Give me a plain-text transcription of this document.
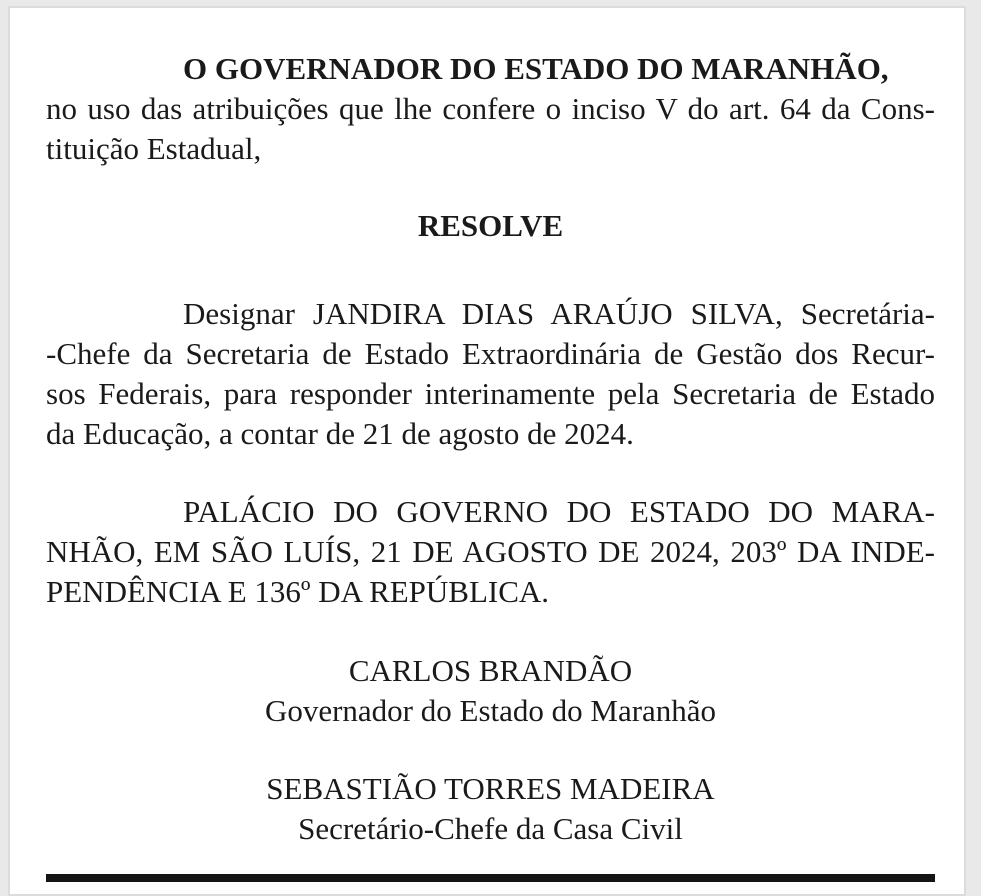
O GOVERNADOR DO ESTADO DO MARANHÃO,
no uso das atribuições que lhe confere o inciso V do art. 64 da Cons-
tituição Estadual,
RESOLVE
Designar JANDIRA DIAS ARAÚJO SILVA, Secretária-
-Chefe da Secretaria de Estado Extraordinária de Gestão dos Recur-
sos Federais, para responder interinamente pela Secretaria de Estado
da Educação, a contar de 21 de agosto de 2024.
PALÁCIO DO GOVERNO DO ESTADO DO MARA-
NHÃO, EM SÃO LUÍS, 21 DE AGOSTO DE 2024, 203º DA INDE-
PENDÊNCIA E 136º DA REPÚBLICA.
CARLOS BRANDÃO
Governador do Estado do Maranhão
SEBASTIÃO TORRES MADEIRA
Secretário-Chefe da Casa Civil
